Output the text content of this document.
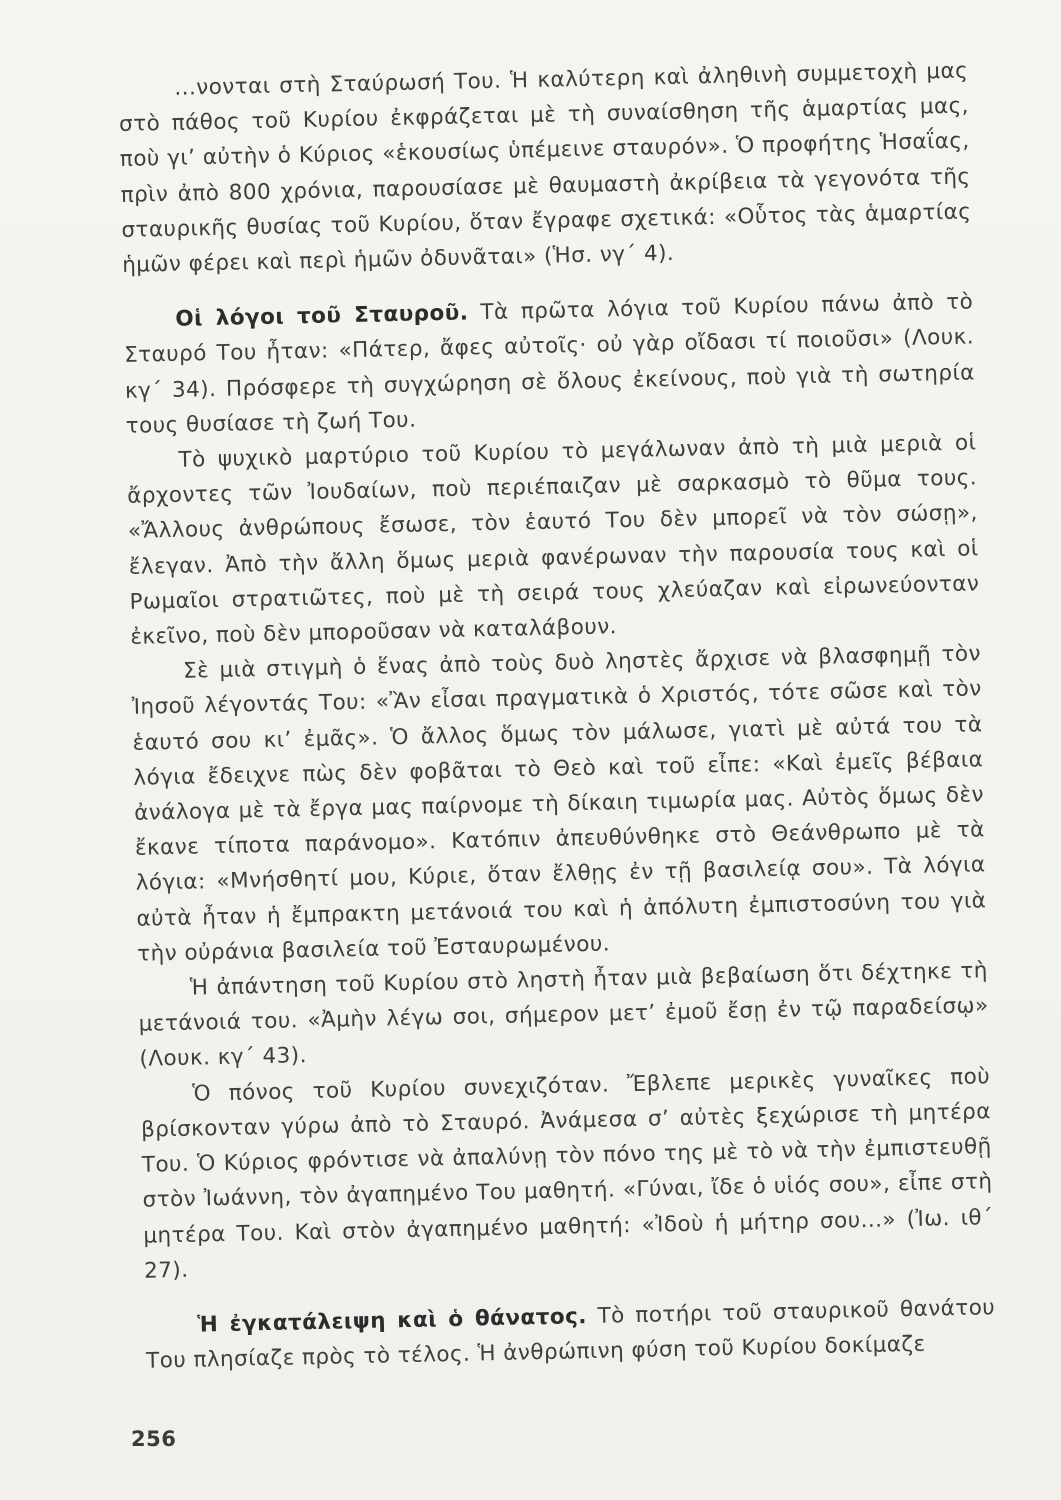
...νονται στὴ Σταύρωσή Του. Ἡ καλύτερη καὶ ἀληθινὴ συμμετοχὴ μας στὸ πάθος τοῦ Κυρίου ἐκφράζεται μὲ τὴ συναίσθηση τῆς ἁμαρτίας μας, ποὺ γι’ αὐτὴν ὁ Κύριος «ἑκουσίως ὑπέμεινε σταυρόν». Ὁ προφήτης Ἡσαΐας, πρὶν ἀπὸ 800 χρόνια, παρουσίασε μὲ θαυμαστὴ ἀκρίβεια τὰ γεγονότα τῆς σταυρικῆς θυσίας τοῦ Κυρίου, ὅταν ἔγραφε σχετικά: «Οὗτος τὰς ἁμαρτίας ἡμῶν φέρει καὶ περὶ ἡμῶν ὀδυνᾶται» (Ἡσ. νγ΄ 4).

Οἱ λόγοι τοῦ Σταυροῦ. Τὰ πρῶτα λόγια τοῦ Κυρίου πάνω ἀπὸ τὸ Σταυρό Του ἦταν: «Πάτερ, ἄφες αὐτοῖς· οὐ γὰρ οἴδασι τί ποιοῦσι» (Λουκ. κγ΄ 34). Πρόσφερε τὴ συγχώρηση σὲ ὅλους ἐκείνους, ποὺ γιὰ τὴ σωτηρία τους θυσίασε τὴ ζωή Του.

Τὸ ψυχικὸ μαρτύριο τοῦ Κυρίου τὸ μεγάλωναν ἀπὸ τὴ μιὰ μεριὰ οἱ ἄρχοντες τῶν Ἰουδαίων, ποὺ περιέπαιζαν μὲ σαρκασμὸ τὸ θῦμα τους. «Ἄλλους ἀνθρώπους ἔσωσε, τὸν ἑαυτό Του δὲν μπορεῖ νὰ τὸν σώσῃ», ἔλεγαν. Ἀπὸ τὴν ἄλλη ὅμως μεριὰ φανέρωναν τὴν παρουσία τους καὶ οἱ Ρωμαῖοι στρατιῶτες, ποὺ μὲ τὴ σειρά τους χλεύαζαν καὶ εἰρωνεύονταν ἐκεῖνο, ποὺ δὲν μποροῦσαν νὰ καταλάβουν.

Σὲ μιὰ στιγμὴ ὁ ἕνας ἀπὸ τοὺς δυὸ ληστὲς ἄρχισε νὰ βλασφημῇ τὸν Ἰησοῦ λέγοντάς Του: «Ἂν εἶσαι πραγματικὰ ὁ Χριστός, τότε σῶσε καὶ τὸν ἑαυτό σου κι’ ἐμᾶς». Ὁ ἄλλος ὅμως τὸν μάλωσε, γιατὶ μὲ αὐτά του τὰ λόγια ἔδειχνε πὼς δὲν φοβᾶται τὸ Θεὸ καὶ τοῦ εἶπε: «Καὶ ἐμεῖς βέβαια ἀνάλογα μὲ τὰ ἔργα μας παίρνομε τὴ δίκαιη τιμωρία μας. Αὐτὸς ὅμως δὲν ἔκανε τίποτα παράνομο». Κατόπιν ἀπευθύνθηκε στὸ Θεάνθρωπο μὲ τὰ λόγια: «Μνήσθητί μου, Κύριε, ὅταν ἔλθῃς ἐν τῇ βασιλείᾳ σου». Τὰ λόγια αὐτὰ ἦταν ἡ ἔμπρακτη μετάνοιά του καὶ ἡ ἀπόλυτη ἐμπιστοσύνη του γιὰ τὴν οὐράνια βασιλεία τοῦ Ἐσταυρωμένου.

Ἡ ἀπάντηση τοῦ Κυρίου στὸ ληστὴ ἦταν μιὰ βεβαίωση ὅτι δέχτηκε τὴ μετάνοιά του. «Ἀμὴν λέγω σοι, σήμερον μετ’ ἐμοῦ ἔσῃ ἐν τῷ παραδείσῳ» (Λουκ. κγ΄ 43).

Ὁ πόνος τοῦ Κυρίου συνεχιζόταν. Ἔβλεπε μερικὲς γυναῖκες ποὺ βρίσκονταν γύρω ἀπὸ τὸ Σταυρό. Ἀνάμεσα σ’ αὐτὲς ξεχώρισε τὴ μητέρα Του. Ὁ Κύριος φρόντισε νὰ ἀπαλύνῃ τὸν πόνο της μὲ τὸ νὰ τὴν ἐμπιστευθῇ στὸν Ἰωάννη, τὸν ἀγαπημένο Του μαθητή. «Γύναι, ἴδε ὁ υἱός σου», εἶπε στὴ μητέρα Του. Καὶ στὸν ἀγαπημένο μαθητή: «Ἰδοὺ ἡ μήτηρ σου...» (Ἰω. ιθ΄ 27).

Ἡ ἐγκατάλειψη καὶ ὁ θάνατος. Τὸ ποτήρι τοῦ σταυρικοῦ θανάτου Του πλησίαζε πρὸς τὸ τέλος. Ἡ ἀνθρώπινη φύση τοῦ Κυρίου δοκίμαζε

256
